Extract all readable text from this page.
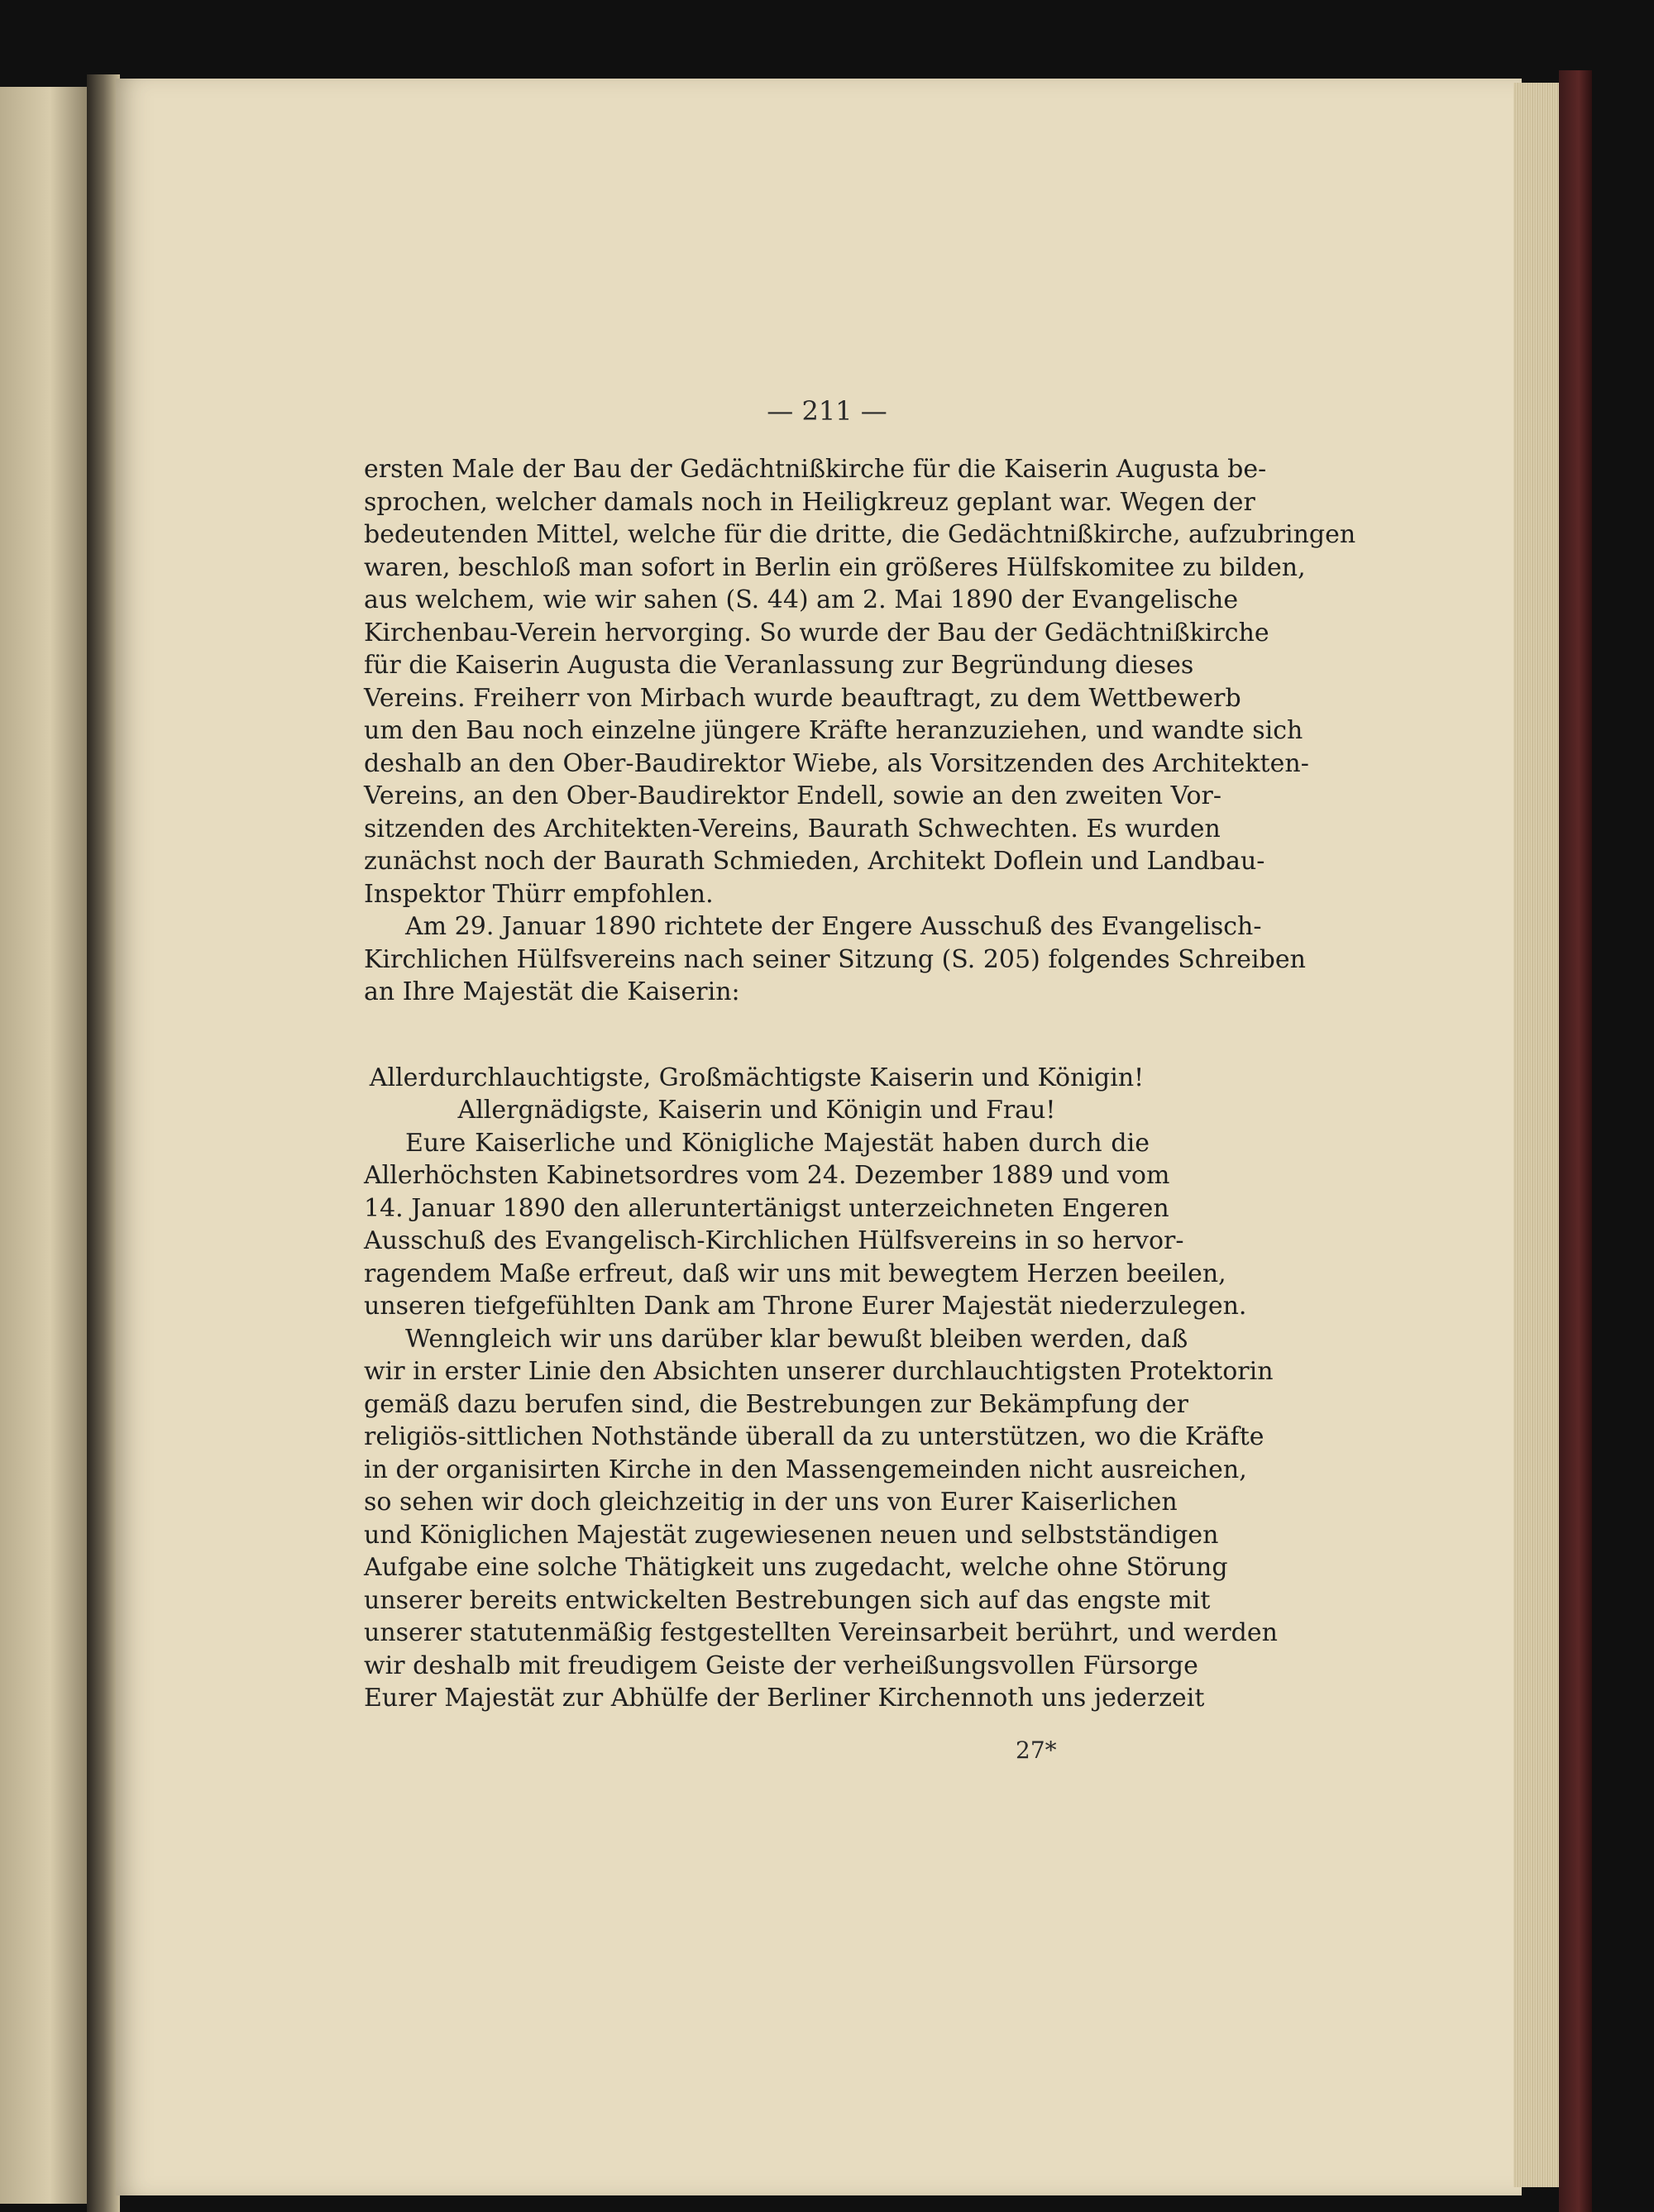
— 211 —
ersten Male der Bau der Gedächtnißkirche für die Kaiserin Augusta be-
sprochen, welcher damals noch in Heiligkreuz geplant war. Wegen der
bedeutenden Mittel, welche für die dritte, die Gedächtnißkirche, aufzubringen
waren, beschloß man sofort in Berlin ein größeres Hülfskomitee zu bilden,
aus welchem, wie wir sahen (S. 44) am 2. Mai 1890 der Evangelische
Kirchenbau-Verein hervorging. So wurde der Bau der Gedächtnißkirche
für die Kaiserin Augusta die Veranlassung zur Begründung dieses
Vereins. Freiherr von Mirbach wurde beauftragt, zu dem Wettbewerb
um den Bau noch einzelne jüngere Kräfte heranzuziehen, und wandte sich
deshalb an den Ober-Baudirektor Wiebe, als Vorsitzenden des Architekten-
Vereins, an den Ober-Baudirektor Endell, sowie an den zweiten Vor-
sitzenden des Architekten-Vereins, Baurath Schwechten. Es wurden
zunächst noch der Baurath Schmieden, Architekt Doflein und Landbau-
Inspektor Thürr empfohlen.
Am 29. Januar 1890 richtete der Engere Ausschuß des Evangelisch-
Kirchlichen Hülfsvereins nach seiner Sitzung (S. 205) folgendes Schreiben
an Ihre Majestät die Kaiserin:
Allerdurchlauchtigste, Großmächtigste Kaiserin und Königin!
Allergnädigste, Kaiserin und Königin und Frau!
Eure Kaiserliche und Königliche Majestät haben durch die
Allerhöchsten Kabinetsordres vom 24. Dezember 1889 und vom
14. Januar 1890 den alleruntertänigst unterzeichneten Engeren
Ausschuß des Evangelisch-Kirchlichen Hülfsvereins in so hervor-
ragendem Maße erfreut, daß wir uns mit bewegtem Herzen beeilen,
unseren tiefgefühlten Dank am Throne Eurer Majestät niederzulegen.
Wenngleich wir uns darüber klar bewußt bleiben werden, daß
wir in erster Linie den Absichten unserer durchlauchtigsten Protektorin
gemäß dazu berufen sind, die Bestrebungen zur Bekämpfung der
religiös-sittlichen Nothstände überall da zu unterstützen, wo die Kräfte
in der organisirten Kirche in den Massengemeinden nicht ausreichen,
so sehen wir doch gleichzeitig in der uns von Eurer Kaiserlichen
und Königlichen Majestät zugewiesenen neuen und selbstständigen
Aufgabe eine solche Thätigkeit uns zugedacht, welche ohne Störung
unserer bereits entwickelten Bestrebungen sich auf das engste mit
unserer statutenmäßig festgestellten Vereinsarbeit berührt, und werden
wir deshalb mit freudigem Geiste der verheißungsvollen Fürsorge
Eurer Majestät zur Abhülfe der Berliner Kirchennoth uns jederzeit
27*
